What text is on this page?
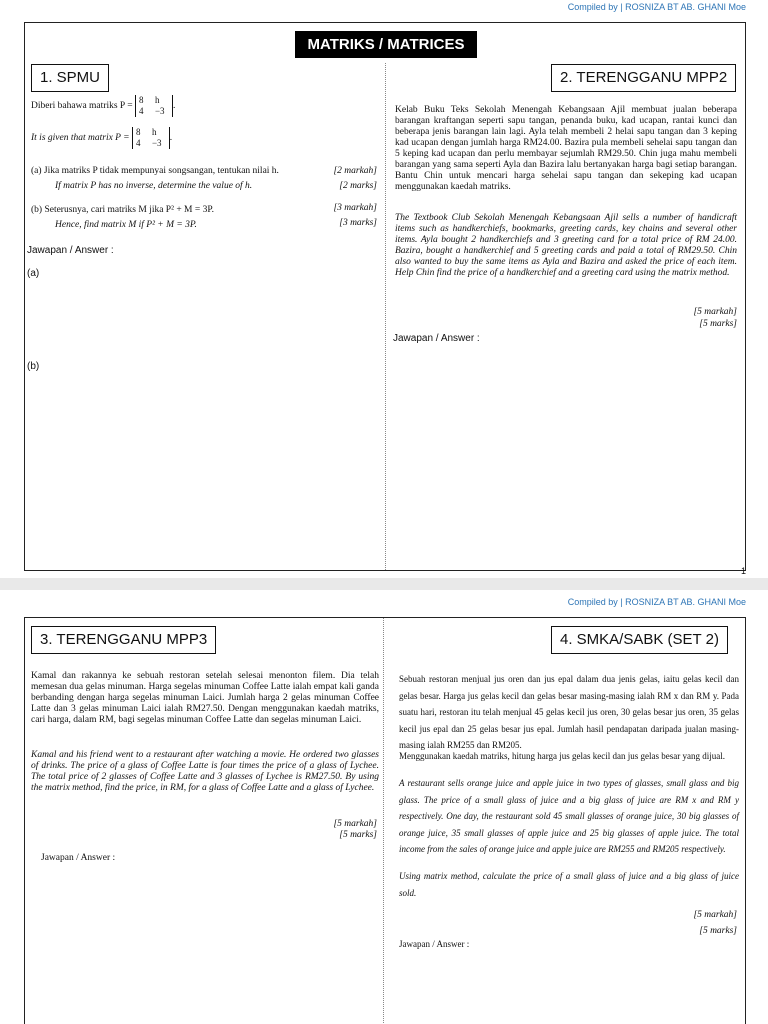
Compiled by | ROSNIZA BT AB. GHANI Moe
MATRIKS / MATRICES
1. SPMU
Diberi bahawa matriks P =
8	h
4	−3 .
It is given that matrix P =
8	h
4	−3 .
(a) Jika matriks P tidak mempunyai songsangan, tentukan nilai h.	[2 markah]
If matrix P has no inverse, determine the value of h.	[2 marks]
(b) Seterusnya, cari matriks M jika P² + M = 3P.	[3 markah]
Hence, find matrix M if P² + M = 3P.	[3 marks]
Jawapan / Answer :
(a)
(b)
2. TERENGGANU MPP2
Kelab Buku Teks Sekolah Menengah Kebangsaan Ajil membuat jualan beberapa barangan kraftangan seperti sapu tangan, penanda buku, kad ucapan, rantai kunci dan beberapa jenis barangan lain lagi. Ayla telah membeli 2 helai sapu tangan dan 3 keping kad ucapan dengan jumlah harga RM24.00. Bazira pula membeli sehelai sapu tangan dan 5 keping kad ucapan dan perlu membayar sejumlah RM29.50. Chin juga mahu membeli barangan yang sama seperti Ayla dan Bazira lalu bertanyakan harga bagi setiap barangan. Bantu Chin untuk mencari harga sehelai sapu tangan dan sekeping kad ucapan menggunakan kaedah matriks.
The Textbook Club Sekolah Menengah Kebangsaan Ajil sells a number of handicraft items such as handkerchiefs, bookmarks, greeting cards, key chains and several other items. Ayla bought 2 handkerchiefs and 3 greeting card for a total price of RM 24.00. Bazira, bought a handkerchief and 5 greeting cards and paid a total of RM29.50. Chin also wanted to buy the same items as Ayla and Bazira and asked the price of each item. Help Chin find the price of a handkerchief and a greeting card using the matrix method.
[5 markah]
[5 marks]
Jawapan / Answer :
1
Compiled by | ROSNIZA BT AB. GHANI Moe
3. TERENGGANU MPP3
Kamal dan rakannya ke sebuah restoran setelah selesai menonton filem. Dia telah memesan dua gelas minuman. Harga segelas minuman Coffee Latte ialah empat kali ganda berbanding dengan harga segelas minuman Laici. Jumlah harga 2 gelas minuman Coffee Latte dan 3 gelas minuman Laici ialah RM27.50. Dengan menggunakan kaedah matriks, cari harga, dalam RM, bagi segelas minuman Coffee Latte dan segelas minuman Laici.
Kamal and his friend went to a restaurant after watching a movie. He ordered two glasses of drinks. The price of a glass of Coffee Latte is four times the price of a glass of Lychee. The total price of 2 glasses of Coffee Latte and 3 glasses of Lychee is RM27.50. By using the matrix method, find the price, in RM, for a glass of Coffee Latte and a glass of Lychee.
[5 markah]
[5 marks]
Jawapan / Answer :
4. SMKA/SABK (SET 2)
Sebuah restoran menjual jus oren dan jus epal dalam dua jenis gelas, iaitu gelas kecil dan gelas besar. Harga jus gelas kecil dan gelas besar masing-masing ialah RM x dan RM y. Pada suatu hari, restoran itu telah menjual 45 gelas kecil jus oren, 30 gelas besar jus oren, 35 gelas kecil jus epal dan 25 gelas besar jus epal. Jumlah hasil pendapatan daripada jualan masing-masing ialah RM255 dan RM205.
Menggunakan kaedah matriks, hitung harga jus gelas kecil dan jus gelas besar yang dijual.
A restaurant sells orange juice and apple juice in two types of glasses, small glass and big glass. The price of a small glass of juice and a big glass of juice are RM x and RM y respectively. One day, the restaurant sold 45 small glasses of orange juice, 30 big glasses of orange juice, 35 small glasses of apple juice and 25 big glasses of apple juice. The total income from the sales of orange juice and apple juice are RM255 and RM205 respectively.
Using matrix method, calculate the price of a small glass of juice and a big glass of juice sold.
[5 markah]
[5 marks]
Jawapan / Answer :
